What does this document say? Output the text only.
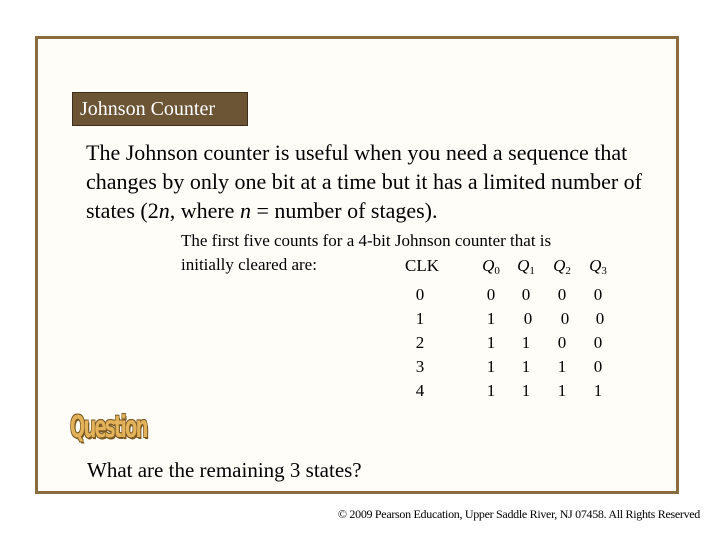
Johnson Counter
The Johnson counter is useful when you need a sequence that changes by only one bit at a time but it has a limited number of states (2n, where n = number of stages).
The first five counts for a 4-bit Johnson counter that is
initially cleared are:	CLK	$Q_0$	$Q_1$	$Q_2$	$Q_3$
0	0	0	0	0
1	1	0	0	0
2	1	1	0	0
3	1	1	1	0
4	1	1	1	1
Question
What are the remaining 3 states?
© 2009 Pearson Education, Upper Saddle River, NJ 07458. All Rights Reserved
